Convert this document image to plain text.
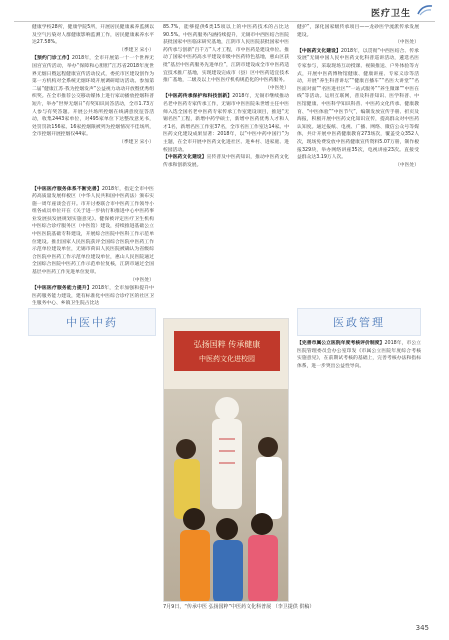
医疗卫生

健康学校28所，健康学院5所，开展居民健康素养监测以及空气污染对人群健康影响监测工作，居民健康素养水平达27.58%。

（季建卫 宋小）

【预约门诊工作】2018年，全市开展第一十一个世界无国宫宣传活动，举办“保障和心胆胆”江苏省2018年度世界无烟日暨远程健康宣传活动仪式，委托市区建设创作为第一方机构对全系统无烟环境开展调研暗访活动。参加第二届“健康江苏·我为控烟发声”公益视力动动开放暨优秀组织奖。在全市推荐公交移动媒体上进行家动播放控烟科普短片，举办“世界无烟日”有奖知识问答活动，全市1.73万人参与有奖答题。开展公共场所控烟在线满意度征答活动，收集2443家单位，对495家单位下达整改意见书，处罚罚款156家。16家控烟限被列为控烟情况不佳场所，全市控烟开展控烟仅44家。

（季建卫 宋小）

【中医医疗服务体系不断完善】2018年，指定全市中医药高质量发展样板区（中华人民共和国中医药法）颁布实施一周年座谈会召开。市开讨委联合市中医药工作领导小组各成员单位开在《关于进一步执行和推进中心中医药事业发展扶发展规划实施意见》。健保被评定医疗卫生机构中医综合诊疗服务区（中医馆）建设，持续推进基础公立中医医院基础专科建设，开展综合医院中医科工作示范单位建设。推出国家人民医院获评全国综合医院中医药工作示范单位建设单位，无锡市荷田人民医院被确认为省级综合医院中医药工作示范单位建设单位，惠山人民医院通过全国综合医院中医药工作示范单位复核，江阴市通过全国基层中医药工作先进单位复审。

（中医处）

【中医医疗服务能力提升】2018年，全市加强和提升中医药服务能力建设，建有标准化中医综合诊疗区的社区卫生服务中心、乡镇卫生院占比达

85.7%，能够提供6类15项以上的中医药技术的占比达90.5%。中医药服务内涵持续提升，无锡市中西医结合医院获批国家中医临床研究基地，江阴市人民医院获批国家中医药传承与创新“百千万”人才工程，市中医药是建设单位。推动了国家中医药高水平建设市级中医药特色基地，惠山区获批“基层中医药服务先进单位”，江阴市建设成全市中医药适宜技术推广基地，实现建设完成市（县）区中医药适宜技术推广基地，二级及以上中医医疗机构规范化的中医药服务。

（中医处）

【中医药传承保护和科技创新】2018年，无锡市继续推动名老中医药专家传承工作，无锡市中医医院朱世增主任中医师入选全国名老中医药专家传承工作室建设项目，推进“无锡名医”工程，新增中药学硕士，新增中医药优秀人才和人才1名，新增名医工作室37名，全市名医工作室达14家。中医药文化建设成果显著：2018年，以“中医中药中国行”为主题，在全市开展中医药文化进社区、进乡村、进家庭、进校园活动。

【中医药文化建设】宣传普及中医药知识，推动中医药文化传承和创新发展。

健护”，深化国家级传承项目——龙砂医学流派传承发展建设。

（中医处）

【中医药文化建设】2018年，以贯彻“中西医结合、传承发展”无锡中国人民中医药文化科普巡讲活动，遴选名医专家参与，采取现场互动授课、视频推送、户外体验等方式，开展中医药博物馆健康、健康讲座、专家义诊等活动，开展“养生科普讲坛”“健康百播车”“名医大讲堂”“名医面对面”“名医进社区”“一站式服务”“养生微课”“中医在线”等活动。运用互联网，普及科普知识、医学科普、中医馆健康、中医科学知识科普、中医药文化传承、健康教育、“中医体验”“中医节气”，编制发放宣传手册、折页及海报，积极开展中医药文化知识宣传，提高群众对中医药认知度。通过报纸、电视、广播、网络、微信公众号等媒体，共计开展中医药健康教育273场次，覆盖受众352人次，现场免费发放中医药健康宣传资料5.07万册，制作板报329块，举办网络讲座35次，电视讲座23次。直接受益群众达3.19万人次。

（中医处）

中医中药	医政管理

【完善市属公立医院年度考核评价制度】2018年，市公立医院管理委员会办公室印发《市属公立医院年度综合考核实施意见》，在前期试考核的基础上，完善考核办法和指标体系，进一步突出公益性导向。

弘扬国粹 传承健康
中医药文化进校园
7月9日，“传承中医 弘扬国粹”中医药文化科普展 （李卫提供 供稿）
345
